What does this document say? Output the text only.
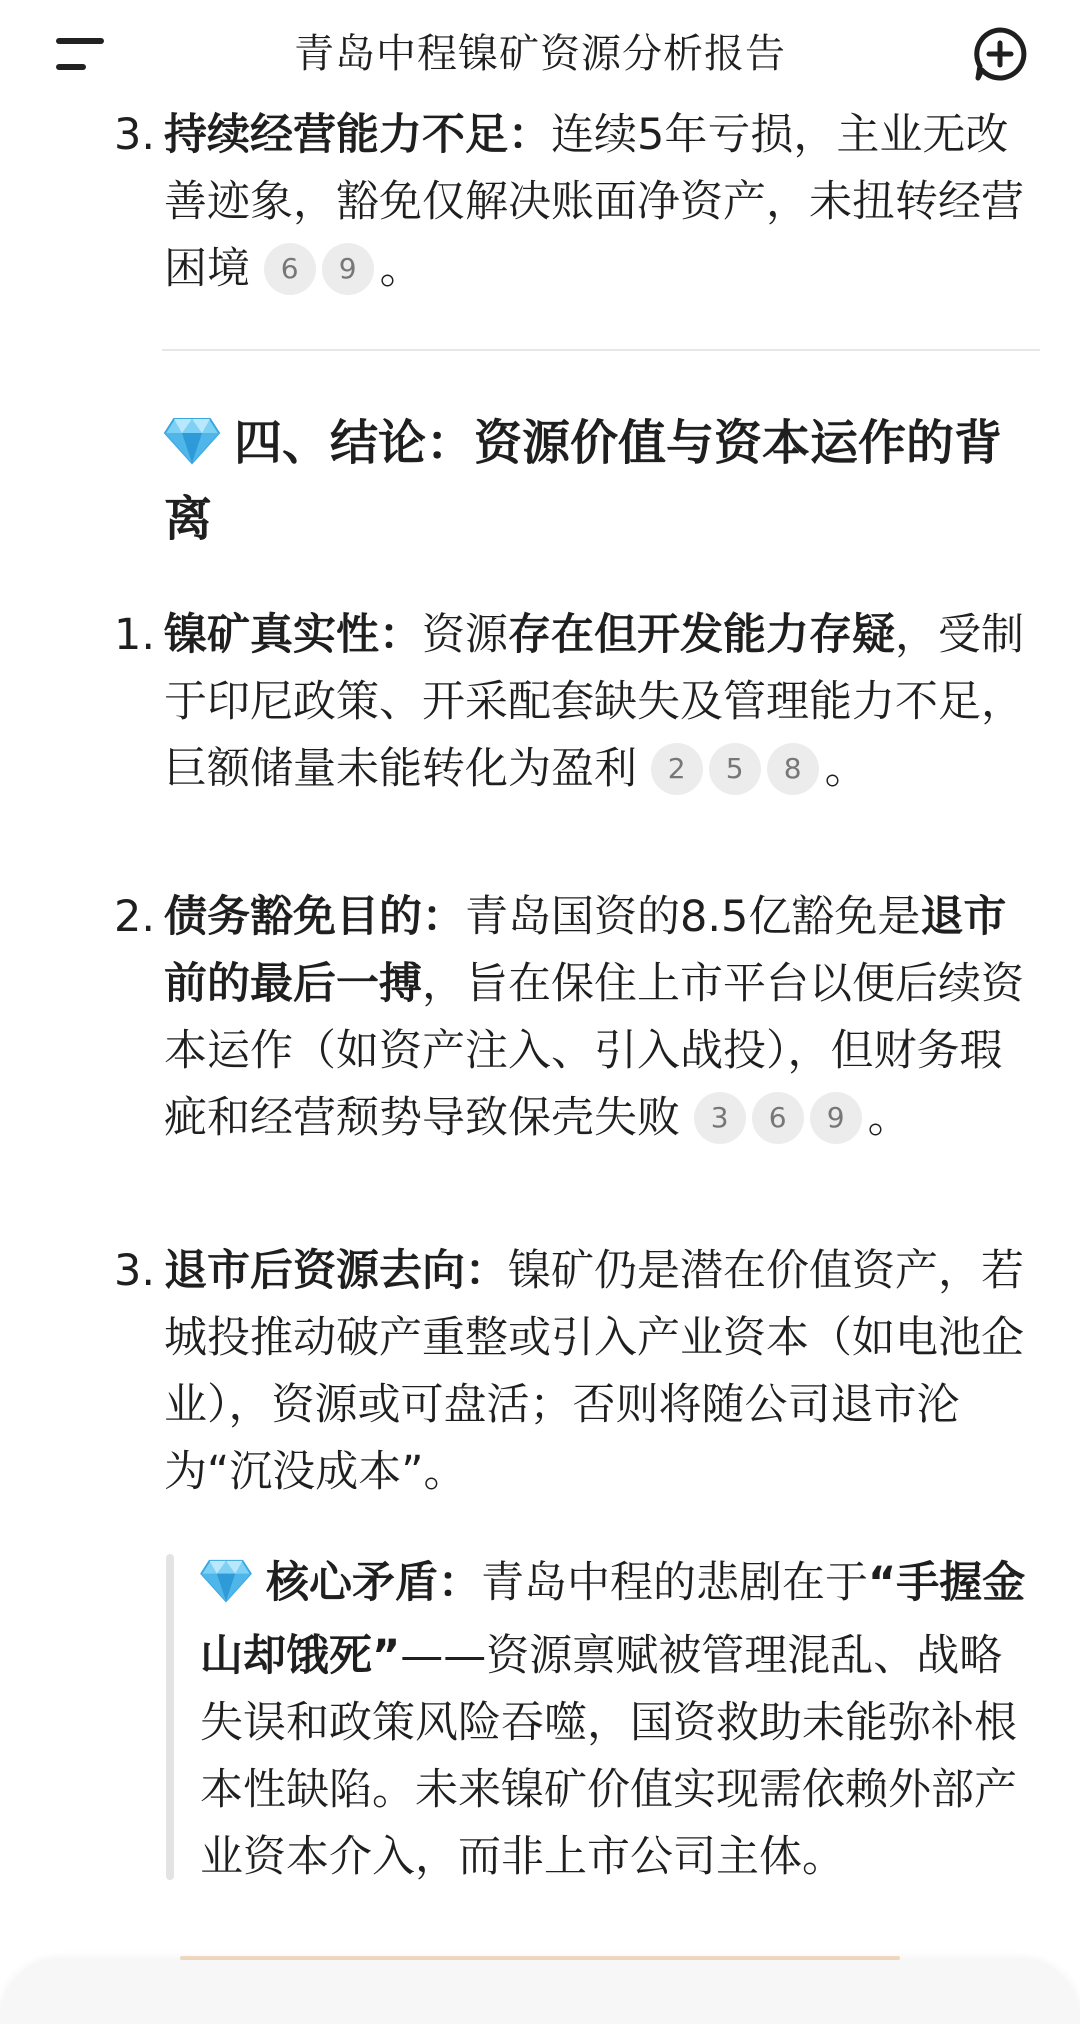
3. 持续经营能力不足：连续5年亏损，主业无改善迹象，豁免仅解决账面净资产，未扭转经营困境 6 9 。
四、结论：资源价值与资本运作的背离
1. 镍矿真实性：资源存在但开发能力存疑，受制于印尼政策、开采配套缺失及管理能力不足，巨额储量未能转化为盈利 2 5 8 。
2. 债务豁免目的：青岛国资的8.5亿豁免是退市前的最后一搏，旨在保住上市平台以便后续资本运作（如资产注入、引入战投），但财务瑕疵和经营颓势导致保壳失败 3 6 9 。
3. 退市后资源去向：镍矿仍是潜在价值资产，若城投推动破产重整或引入产业资本（如电池企业），资源或可盘活；否则将随公司退市沦为“沉没成本”。
核心矛盾：青岛中程的悲剧在于“手握金山却饿死”——资源禀赋被管理混乱、战略失误和政策风险吞噬，国资救助未能弥补根本性缺陷。未来镍矿价值实现需依赖外部产业资本介入，而非上市公司主体。
青岛中程镍矿资源分析报告
